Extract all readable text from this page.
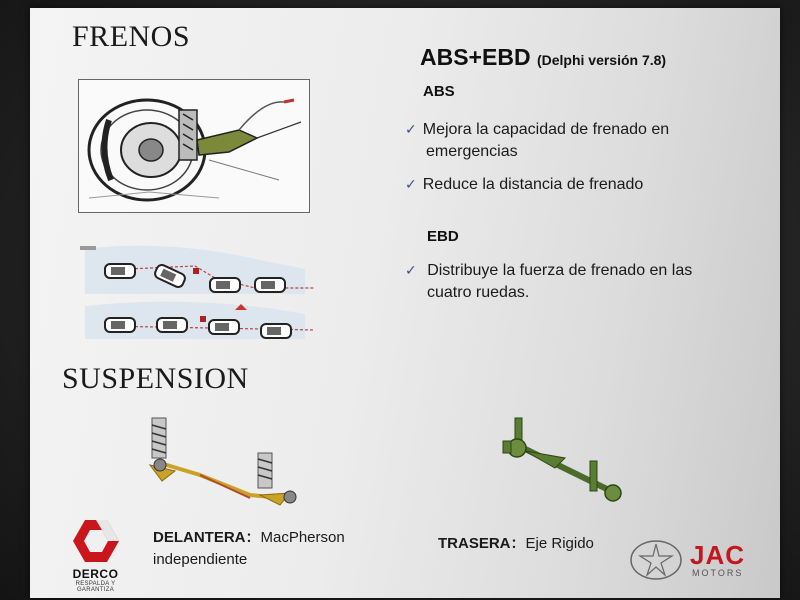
FRENOS
ABS+EBD (Delphi versión 7.8)
ABS
✓ Mejora la capacidad de frenado en
emergencias
✓ Reduce la distancia de frenado
EBD
✓ Distribuye la fuerza de frenado en las
cuatro ruedas.
SUSPENSION
DELANTERA：MacPherson
independiente
TRASERA：Eje Rigido
DERCO
RESPALDA Y GARANTIZA
JAC
MOTORS
